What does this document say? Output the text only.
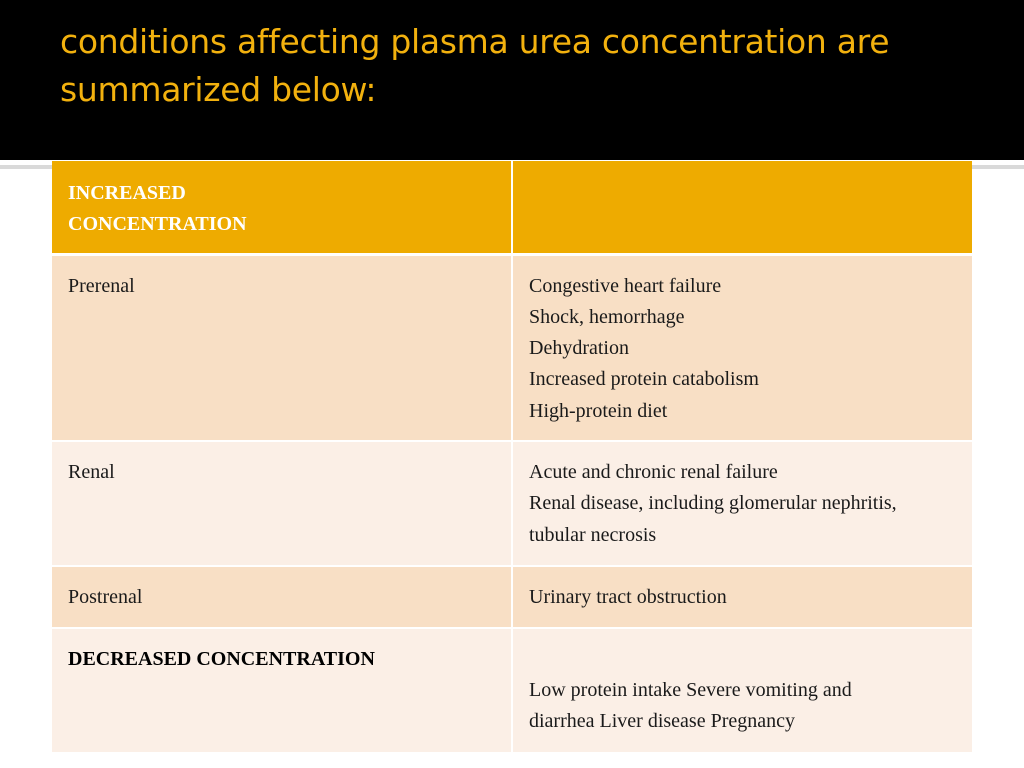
conditions affecting plasma urea concentration are summarized below:
INCREASED
CONCENTRATION	

Prerenal	Congestive heart failure
Shock, hemorrhage
Dehydration
Increased protein catabolism
High-protein diet

Renal	Acute and chronic renal failure
Renal disease, including glomerular nephritis,
tubular necrosis

Postrenal	Urinary tract obstruction

DECREASED CONCENTRATION	Low protein intake Severe vomiting and
diarrhea Liver disease Pregnancy
